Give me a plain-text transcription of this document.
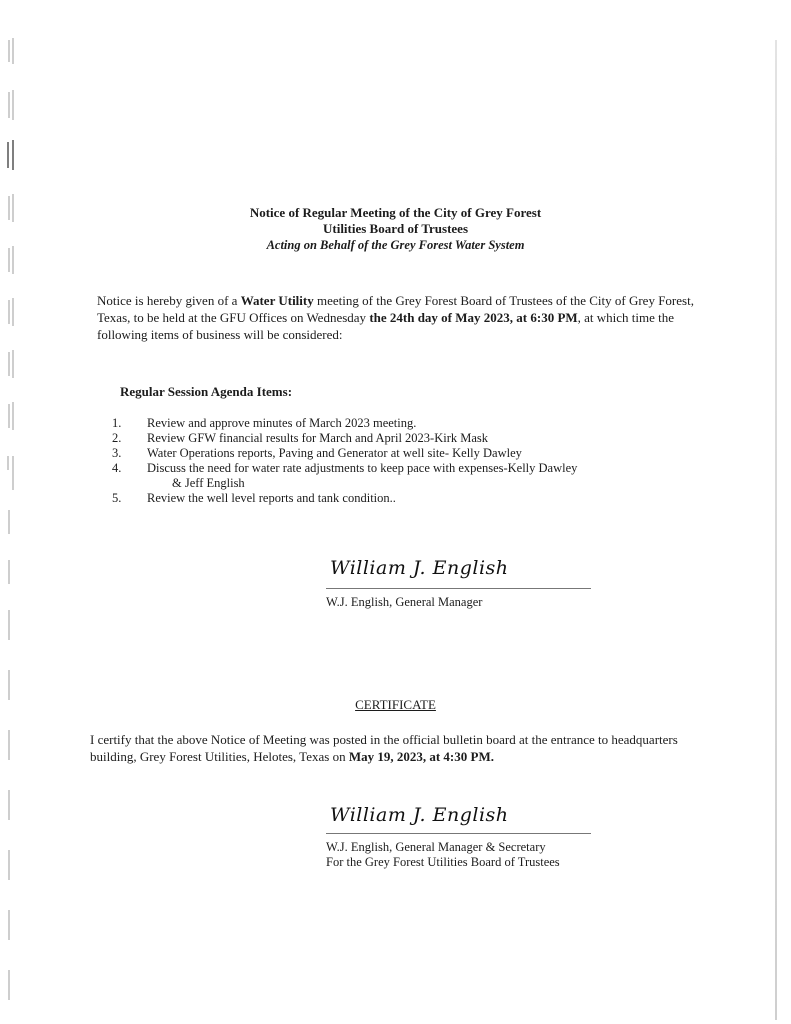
Notice of Regular Meeting of the City of Grey Forest
Utilities Board of Trustees
Acting on Behalf of the Grey Forest Water System
Notice is hereby given of a Water Utility meeting of the Grey Forest Board of Trustees of the City of Grey Forest, Texas, to be held at the GFU Offices on Wednesday the 24th day of May 2023, at 6:30 PM, at which time the following items of business will be considered:
Regular Session Agenda Items:
1.	Review and approve minutes of March 2023 meeting.
2.	Review GFW financial results for March and April 2023-Kirk Mask
3.	Water Operations reports, Paving and Generator at well site- Kelly Dawley
4.	Discuss the need for water rate adjustments to keep pace with expenses-Kelly Dawley
& Jeff English
5.	Review the well level reports and tank condition..
William J. English
W.J. English, General Manager
CERTIFICATE
I certify that the above Notice of Meeting was posted in the official bulletin board at the entrance to headquarters building, Grey Forest Utilities, Helotes, Texas on May 19, 2023, at 4:30 PM.
William J. English
W.J. English, General Manager & Secretary
For the Grey Forest Utilities Board of Trustees
